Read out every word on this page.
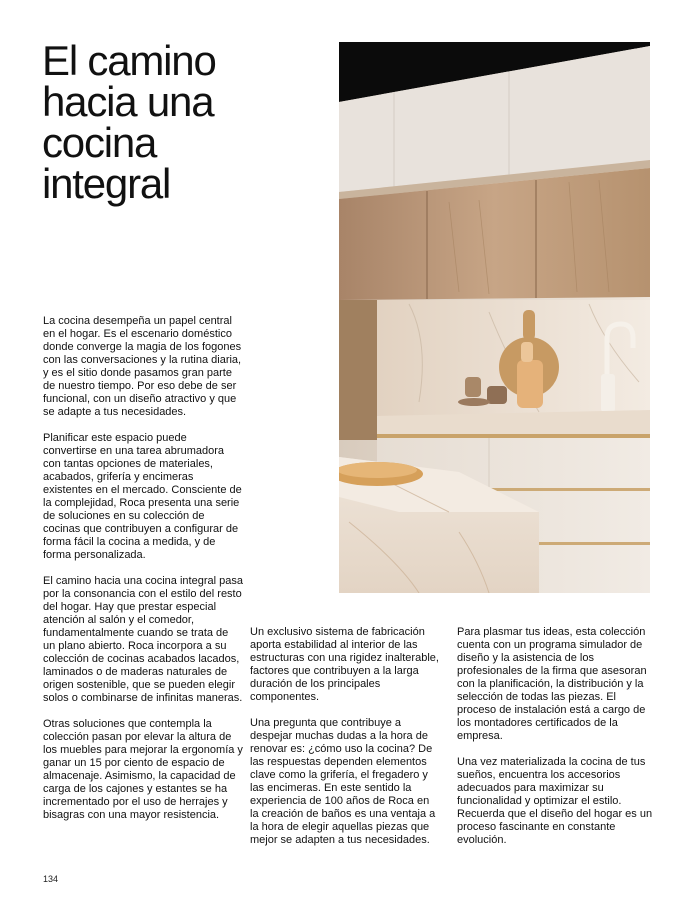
El camino
hacia una
cocina
integral

La cocina desempeña un papel central en el hogar. Es el escenario doméstico donde converge la magia de los fogones con las conversaciones y la rutina diaria, y es el sitio donde pasamos gran parte de nuestro tiempo. Por eso debe de ser funcional, con un diseño atractivo y que se adapte a tus necesidades.

Planificar este espacio puede convertirse en una tarea abrumadora con tantas opciones de materiales, acabados, grifería y encimeras existentes en el mercado. Consciente de la complejidad, Roca presenta una serie de soluciones en su colección de cocinas que contribuyen a configurar de forma fácil la cocina a medida, y de forma personalizada.

El camino hacia una cocina integral pasa por la consonancia con el estilo del resto del hogar. Hay que prestar especial atención al salón y el comedor, fundamentalmente cuando se trata de un plano abierto. Roca incorpora a su colección de cocinas acabados lacados, laminados o de maderas naturales de origen sostenible, que se pueden elegir solos o combinarse de infinitas maneras.

Otras soluciones que contempla la colección pasan por elevar la altura de los muebles para mejorar la ergonomía y ganar un 15 por ciento de espacio de almacenaje. Asimismo, la capacidad de carga de los cajones y estantes se ha incrementado por el uso de herrajes y bisagras con una mayor resistencia.

Un exclusivo sistema de fabricación aporta estabilidad al interior de las estructuras con una rigidez inalterable, factores que contribuyen a la larga duración de los principales componentes.

Una pregunta que contribuye a despejar muchas dudas a la hora de renovar es: ¿cómo uso la cocina? De las respuestas dependen elementos clave como la grifería, el fregadero y las encimeras. En este sentido la experiencia de 100 años de Roca en la creación de baños es una ventaja a la hora de elegir aquellas piezas que mejor se adapten a tus necesidades.

Para plasmar tus ideas, esta colección cuenta con un programa simulador de diseño y la asistencia de los profesionales de la firma que asesoran con la planificación, la distribución y la selección de todas las piezas. El proceso de instalación está a cargo de los montadores certificados de la empresa.

Una vez materializada la cocina de tus sueños, encuentra los accesorios adecuados para maximizar su funcionalidad y optimizar el estilo. Recuerda que el diseño del hogar es un proceso fascinante en constante evolución.

134
